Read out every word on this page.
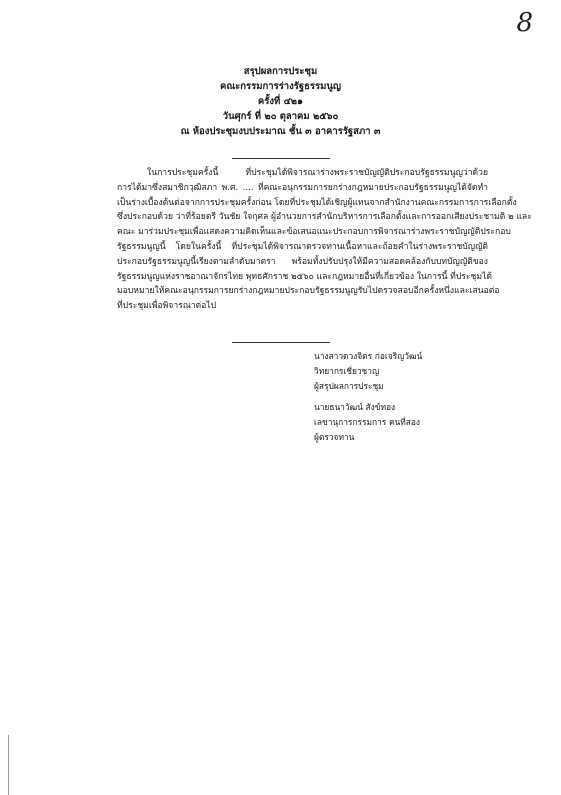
8
สรุปผลการประชุม
คณะกรรมการร่างรัฐธรรมนูญ
ครั้งที่ ๔๒๑
วันศุกร์ ที่ ๒๐ ตุลาคม ๒๕๖๐
ณ ห้องประชุมงบประมาณ ชั้น ๓ อาคารรัฐสภา ๓
ในการประชุมครั้งนี้ ที่ประชุมได้พิจารณาร่างพระราชบัญญัติประกอบรัฐธรรมนูญว่าด้วย
การได้มาซึ่งสมาชิกวุฒิสภา พ.ศ. .... ที่คณะอนุกรรมการยกร่างกฎหมายประกอบรัฐธรรมนูญได้จัดทำ
เป็นร่างเบื้องต้นต่อจากการประชุมครั้งก่อน โดยที่ประชุมได้เชิญผู้แทนจากสำนักงานคณะกรรมการการเลือกตั้ง
ซึ่งประกอบด้วย ว่าที่ร้อยตรี วันชัย ใจกุศล ผู้อำนวยการสำนักบริหารการเลือกตั้งและการออกเสียงประชามติ ๒ และ
คณะ มาร่วมประชุมเพื่อแสดงความคิดเห็นและข้อเสนอแนะประกอบการพิจารณาร่างพระราชบัญญัติประกอบ
รัฐธรรมนูญนี้ โดยในครั้งนี้ ที่ประชุมได้พิจารณาตรวจทานเนื้อหาและถ้อยคำในร่างพระราชบัญญัติ
ประกอบรัฐธรรมนูญนี้เรียงตามลำดับมาตรา พร้อมทั้งปรับปรุงให้มีความสอดคล้องกับบทบัญญัติของ
รัฐธรรมนูญแห่งราชอาณาจักรไทย พุทธศักราช ๒๕๖๐ และกฎหมายอื่นที่เกี่ยวข้อง ในการนี้ ที่ประชุมได้
มอบหมายให้คณะอนุกรรมการยกร่างกฎหมายประกอบรัฐธรรมนูญรับไปตรวจสอบอีกครั้งหนึ่งและเสนอต่อ
ที่ประชุมเพื่อพิจารณาต่อไป
นางสาวดวงจิตร ก่อเจริญวัฒน์
วิทยากรเชี่ยวชาญ
ผู้สรุปผลการประชุม
นายธนาวัฒน์ สังข์ทอง
เลขานุการกรรมการ คนที่สอง
ผู้ตรวจทาน
